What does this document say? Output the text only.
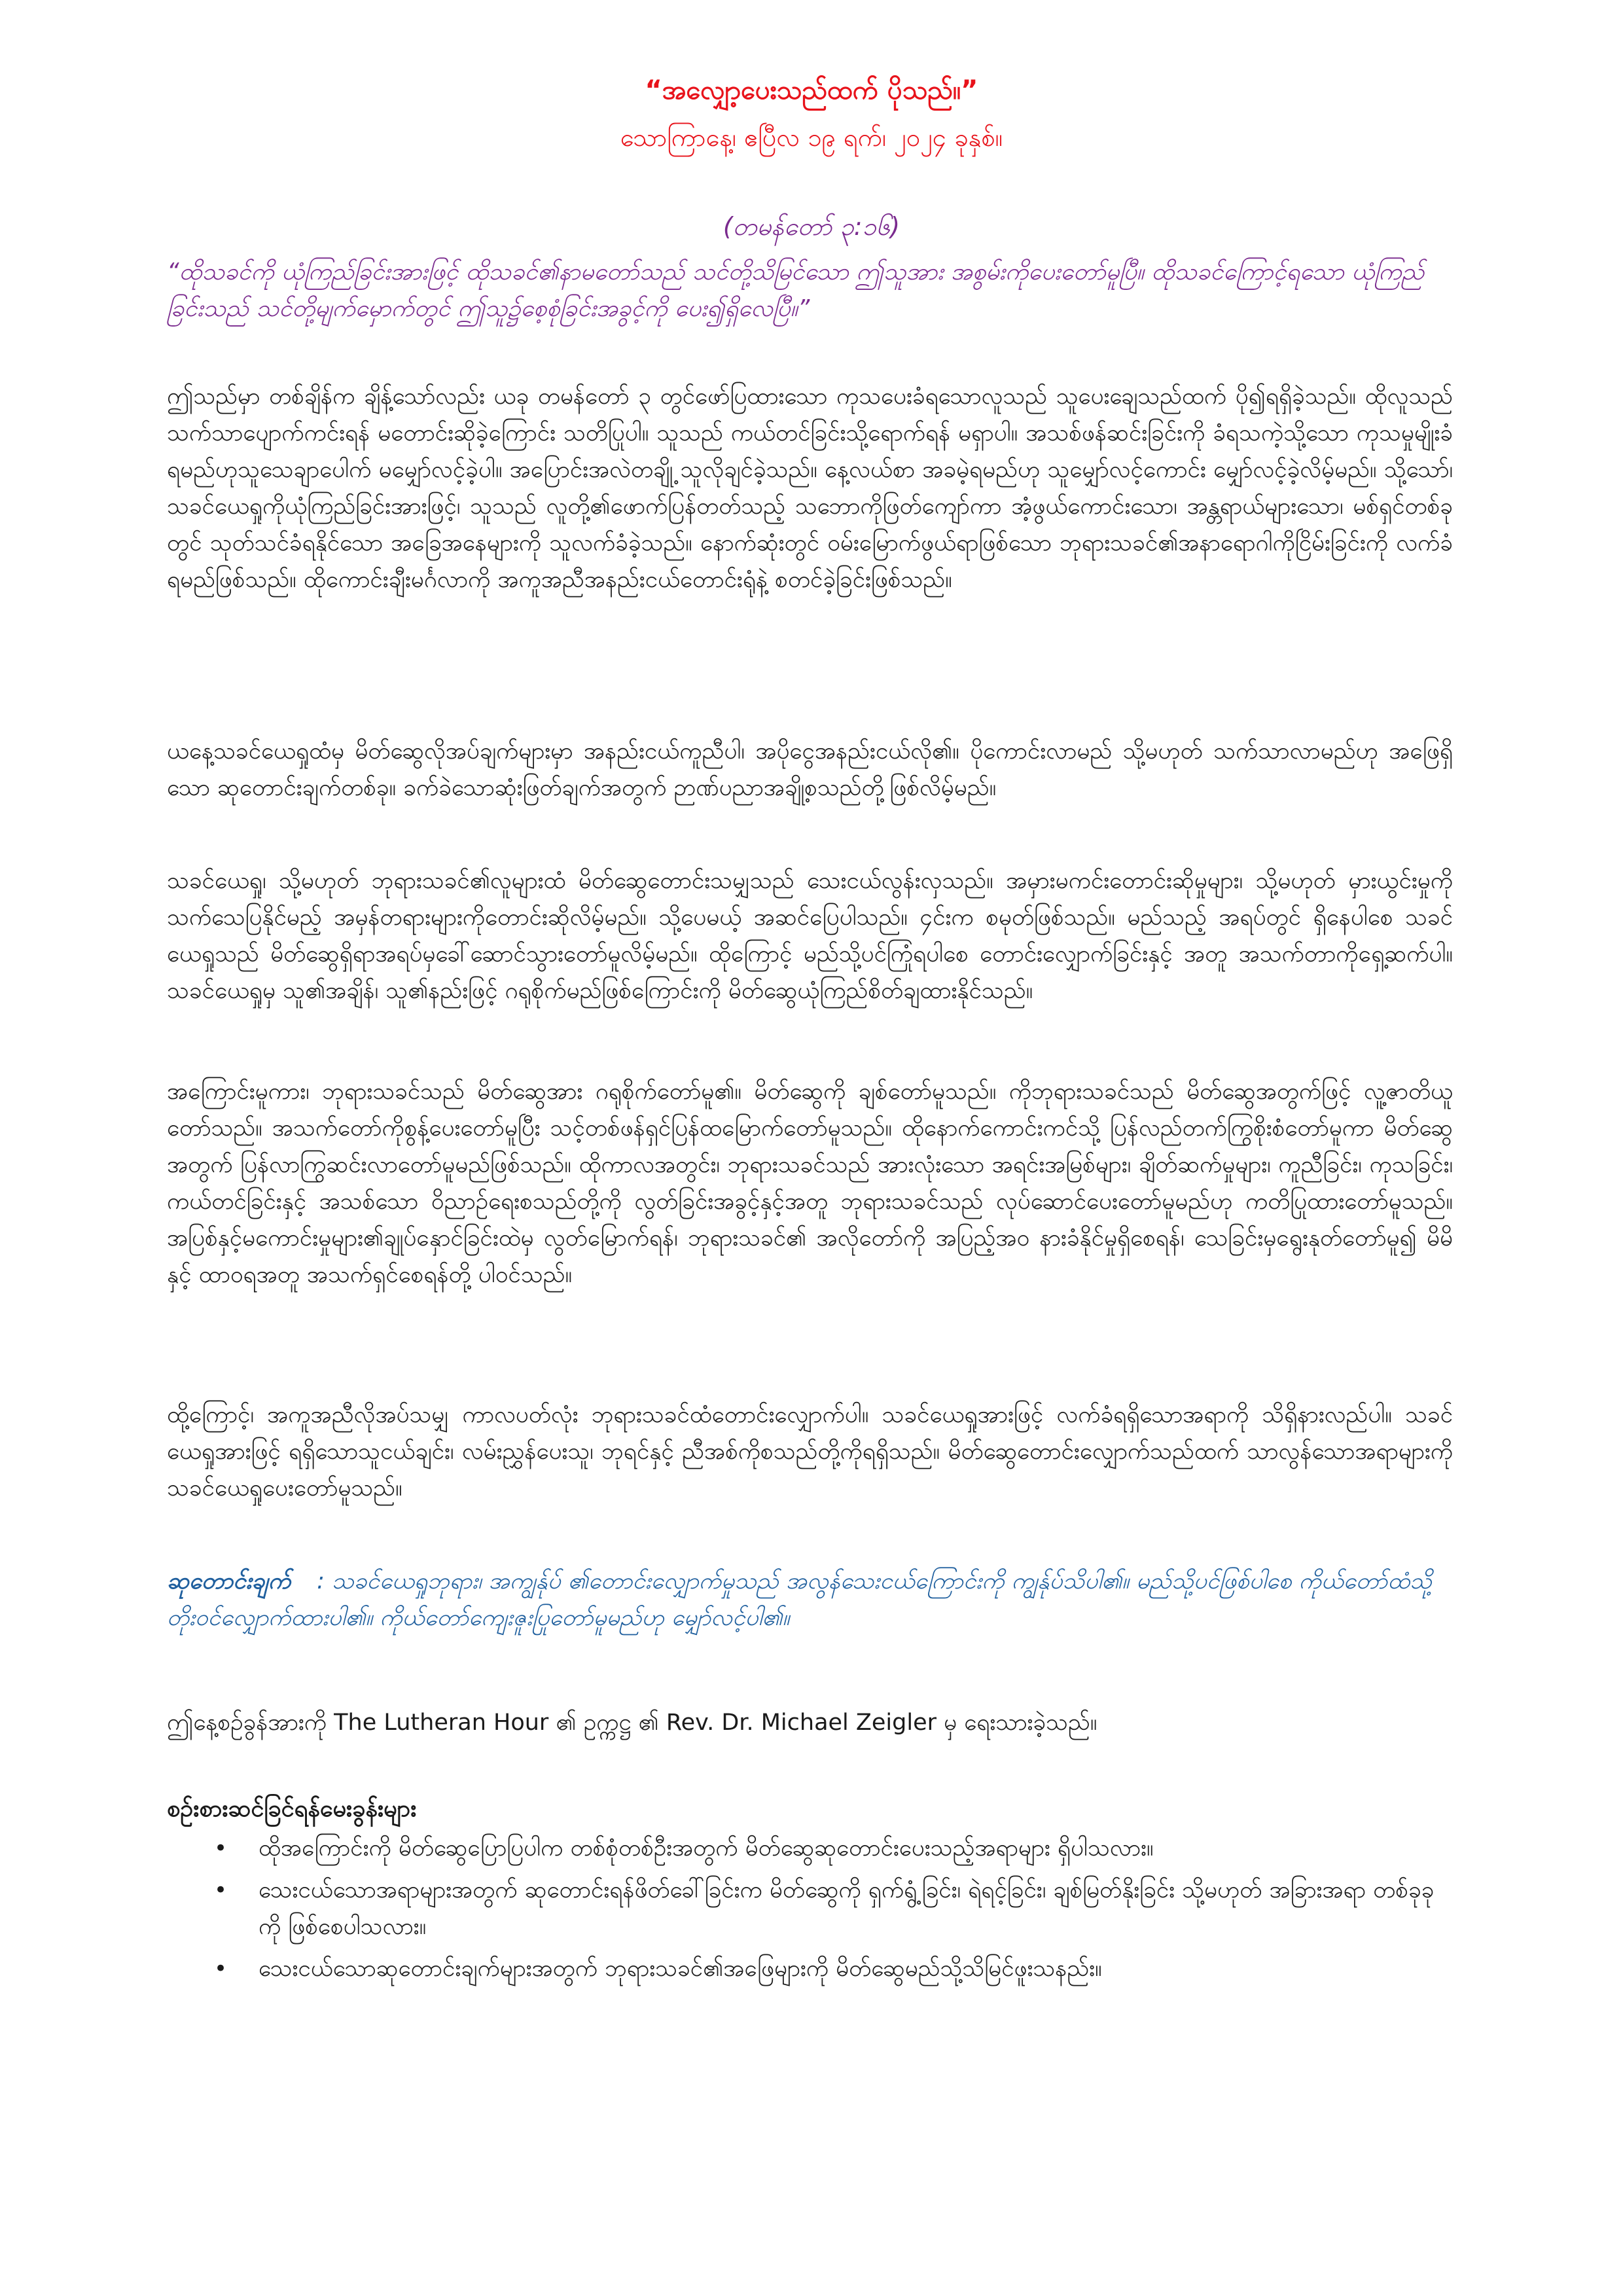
“အလျှော့ပေးသည်ထက် ပိုသည်။”
သောကြာနေ့၊ ဧပြီလ ၁၉ ရက်၊ ၂၀၂၄ ခုနှစ်။
(တမန်တော် ၃:၁၆)
“ထိုသခင်ကို ယုံကြည်ခြင်းအားဖြင့် ထိုသခင်၏နာမတော်သည် သင်တို့သိမြင်သော ဤသူအား အစွမ်းကိုပေးတော်မူပြီ။ ထိုသခင်ကြောင့်ရသော ယုံကြည်ခြင်းသည် သင်တို့မျက်မှောက်တွင် ဤသူ၌စေ့စုံခြင်းအခွင့်ကို ပေး၍ရှိလေပြီ။”

ဤသည်မှာ တစ်ချိန်က ချိန့်သော်လည်း ယခု တမန်တော် ၃ တွင်ဖော်ပြထားသော ကုသပေးခံရသောလူသည် သူပေးချေသည်ထက် ပို၍ရရှိခဲ့သည်။ ထိုလူသည် သက်သာပျောက်ကင်းရန် မတောင်းဆိုခဲ့ကြောင်း သတိပြုပါ။ သူသည် ကယ်တင်ခြင်းသို့ရောက်ရန် မရှာပါ။ အသစ်ဖန်ဆင်းခြင်းကို ခံရသကဲ့သို့သော ကုသမှုမျိုးခံရမည်ဟုသူသေချာပေါက် မမျှော်လင့်ခဲ့ပါ။ အပြောင်းအလဲတချို့ သူလိုချင်ခဲ့သည်။ နေ့လယ်စာ အခမဲ့ရမည်ဟု သူမျှော်လင့်ကောင်း မျှော်လင့်ခဲ့လိမ့်မည်။ သို့သော်၊ သခင်ယေရှုကိုယုံကြည်ခြင်းအားဖြင့်၊ သူသည် လူတို့၏ဖောက်ပြန်တတ်သည့် သဘောကိုဖြတ်ကျော်ကာ အံ့ဖွယ်ကောင်းသော၊ အန္တရာယ်များသော၊ မစ်ရှင်တစ်ခုတွင် သုတ်သင်ခံရနိုင်သော အခြေအနေများကို သူလက်ခံခဲ့သည်။ နောက်ဆုံးတွင် ဝမ်းမြောက်ဖွယ်ရာဖြစ်သော ဘုရားသခင်၏အနာရောဂါကိုငြိမ်းခြင်းကို လက်ခံရမည်ဖြစ်သည်။ ထိုကောင်းချီးမင်္ဂလာကို အကူအညီအနည်းငယ်တောင်းရုံနဲ့ စတင်ခဲ့ခြင်းဖြစ်သည်။

ယနေ့သခင်ယေရှုထံမှ မိတ်ဆွေလိုအပ်ချက်များမှာ အနည်းငယ်ကူညီပါ၊ အပိုငွေအနည်းငယ်လို၏။ ပိုကောင်းလာမည် သို့မဟုတ် သက်သာလာမည်ဟု အဖြေရှိသော ဆုတောင်းချက်တစ်ခု။ ခက်ခဲသောဆုံးဖြတ်ချက်အတွက် ဉာဏ်ပညာအချို့စသည်တို့ဖြစ်လိမ့်မည်။

သခင်ယေရှု၊ သို့မဟုတ် ဘုရားသခင်၏လူများထံ မိတ်ဆွေတောင်းသမျှသည် သေးငယ်လွန်းလှသည်။ အမှားမကင်းတောင်းဆိုမှုများ၊ သို့မဟုတ် မှားယွင်းမှုကိုသက်သေပြနိုင်မည့် အမှန်တရားများကိုတောင်းဆိုလိမ့်မည်။ သို့ပေမယ့် အဆင်ပြေပါသည်။ ၄င်းက စမုတ်ဖြစ်သည်။ မည်သည့် အရပ်တွင် ရှိနေပါစေ သခင်ယေရှုသည် မိတ်ဆွေရှိရာအရပ်မှခေါ်ဆောင်သွားတော်မူလိမ့်မည်။ ထိုကြောင့် မည်သို့ပင်ကြုံရပါစေ တောင်းလျှောက်ခြင်းနှင့် အတူ အသက်တာကိုရှေ့ဆက်ပါ။ သခင်ယေရှုမှ သူ၏အချိန်၊ သူ၏နည်းဖြင့် ဂရုစိုက်မည်ဖြစ်ကြောင်းကို မိတ်ဆွေယုံကြည်စိတ်ချထားနိုင်သည်။

အကြောင်းမူကား၊ ဘုရားသခင်သည် မိတ်ဆွေအား ဂရုစိုက်တော်မူ၏။ မိတ်ဆွေကို ချစ်တော်မူသည်။ ကိုဘုရားသခင်သည် မိတ်ဆွေအတွက်ဖြင့် လူ့ဇာတိယူတော်သည်။ အသက်တော်ကိုစွန့်ပေးတော်မူပြီး သင့်တစ်ဖန်ရှင်ပြန်ထမြောက်တော်မူသည်။ ထိုနောက်ကောင်းကင်သို့ ပြန်လည်တက်ကြွစိုးစံတော်မူကာ မိတ်ဆွေအတွက် ပြန်လာကြွဆင်းလာတော်မူမည်ဖြစ်သည်။ ထိုကာလအတွင်း၊ ဘုရားသခင်သည် အားလုံးသော အရင်းအမြစ်များ၊ ချိတ်ဆက်မှုများ၊ ကူညီခြင်း၊ ကုသခြင်း၊ ကယ်တင်ခြင်းနှင့် အသစ်သော ဝိညာဉ်ရေးစသည်တို့ကို လွတ်ခြင်းအခွင့်နှင့်အတူ ဘုရားသခင်သည် လုပ်ဆောင်ပေးတော်မူမည်ဟု ကတိပြုထားတော်မူသည်။ အပြစ်နှင့်မကောင်းမှုများ၏ချုပ်နှောင်ခြင်းထဲမှ လွတ်မြောက်ရန်၊ ဘုရားသခင်၏ အလိုတော်ကို အပြည့်အဝ နားခံနိုင်မှုရှိစေရန်၊ သေခြင်းမှရွေးနုတ်တော်မူ၍ မိမိနှင့် ထာဝရအတူ အသက်ရှင်စေရန်တို့ ပါဝင်သည်။

ထို့ကြောင့်၊ အကူအညီလိုအပ်သမျှ ကာလပတ်လုံး ဘုရားသခင်ထံတောင်းလျှောက်ပါ။ သခင်ယေရှုအားဖြင့် လက်ခံရရှိသောအရာကို သိရှိနားလည်ပါ။ သခင်ယေရှုအားဖြင့် ရရှိသောသူငယ်ချင်း၊ လမ်းညွှန်ပေးသူ၊ ဘုရင်နှင့် ညီအစ်ကိုစသည်တို့ကိုရရှိသည်။ မိတ်ဆွေတောင်းလျှောက်သည်ထက် သာလွန်သောအရာများကို သခင်ယေရှုပေးတော်မူသည်။

ဆုတောင်းချက် : သခင်ယေရှုဘုရား၊ အကျွန်ုပ် ၏တောင်းလျှောက်မှုသည် အလွန်သေးငယ်ကြောင်းကို ကျွန်ုပ်သိပါ၏။ မည်သို့ပင်ဖြစ်ပါစေ ကိုယ်တော်ထံသို့ တိုးဝင်လျှောက်ထားပါ၏။ ကိုယ်တော်ကျေးဇူးပြုတော်မူမည်ဟု မျှော်လင့်ပါ၏။

ဤနေ့စဉ်ခွန်အားကို The Lutheran Hour ၏ ဥက္ကဋ္ဌ ၏ Rev. Dr. Michael Zeigler မှ ရေးသားခဲ့သည်။

စဉ်းစားဆင်ခြင်ရန်မေးခွန်းများ

• ထိုအကြောင်းကို မိတ်ဆွေပြောပြပါက တစ်စုံတစ်ဦးအတွက် မိတ်ဆွေဆုတောင်းပေးသည့်အရာများ ရှိပါသလား။
• သေးငယ်သောအရာများအတွက် ဆုတောင်းရန်ဖိတ်ခေါ်ခြင်းက မိတ်ဆွေကို ရှက်ရွံ့ခြင်း၊ ရဲရင့်ခြင်း၊ ချစ်မြတ်နိုးခြင်း သို့မဟုတ် အခြားအရာ တစ်ခုခုကို ဖြစ်စေပါသလား။
• သေးငယ်သောဆုတောင်းချက်များအတွက် ဘုရားသခင်၏အဖြေများကို မိတ်ဆွေမည်သို့သိမြင်ဖူးသနည်း။
